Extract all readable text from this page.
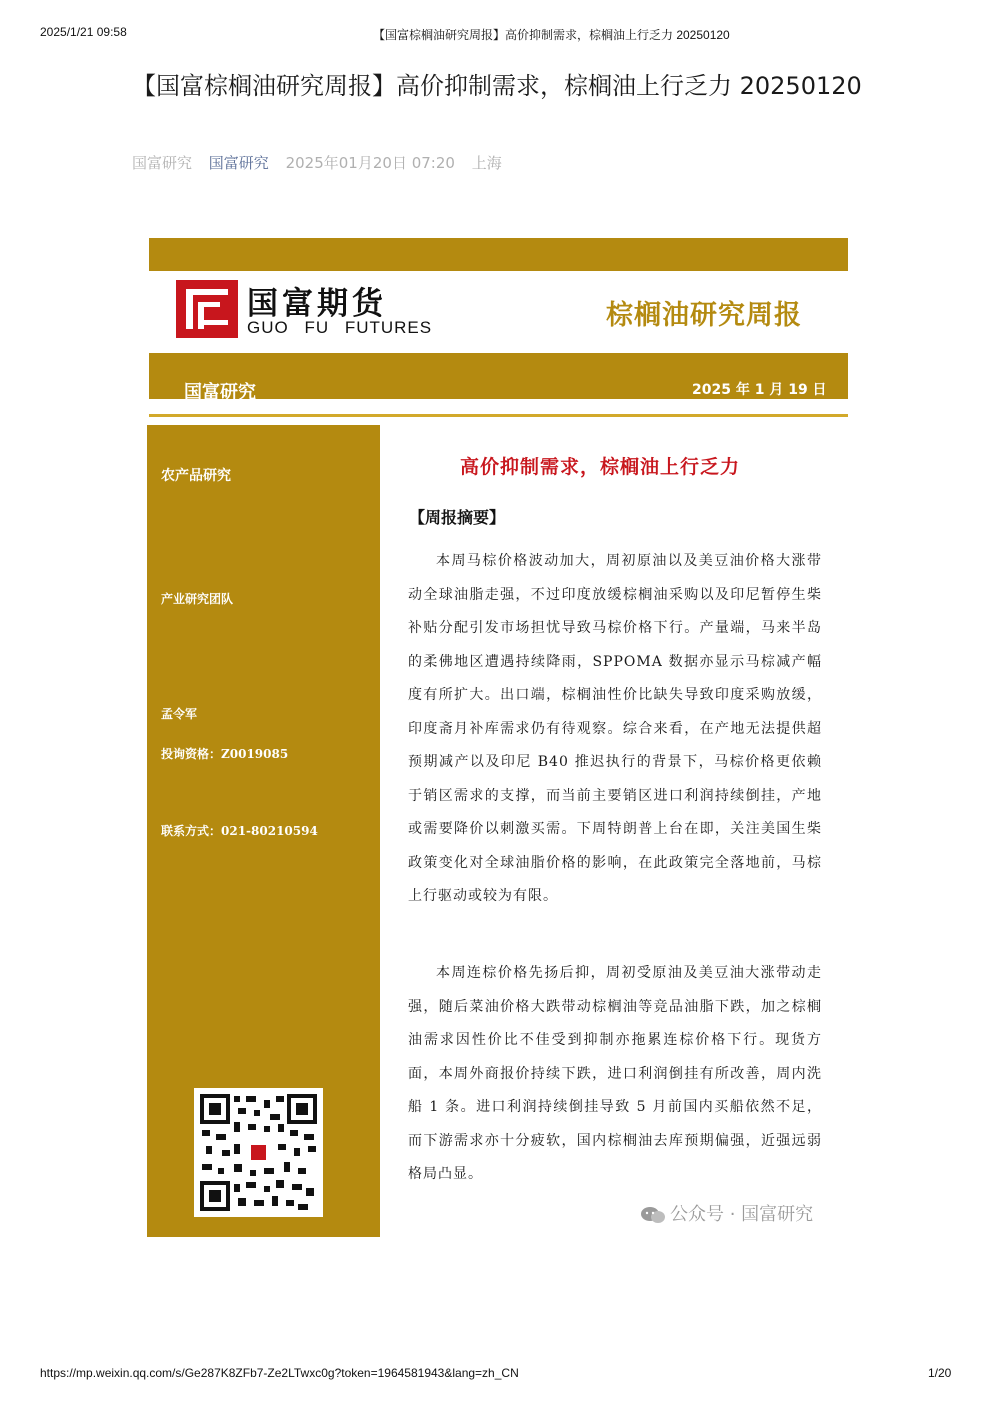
2025/1/21 09:58	【国富棕榈油研究周报】高价抑制需求，棕榈油上行乏力 20250120
【国富棕榈油研究周报】高价抑制需求，棕榈油上行乏力 20250120
国富研究 国富研究 2025年01月20日 07:20 上海
国富期货
GUO FU FUTURES	棕榈油研究周报
国富研究	2025 年 1 月 19 日
农产品研究
产业研究团队
孟令军
投询资格：Z0019085
联系方式：021-80210594
高价抑制需求，棕榈油上行乏力
【周报摘要】
本周马棕价格波动加大，周初原油以及美豆油价格大涨带动全球油脂走强，不过印度放缓棕榈油采购以及印尼暂停生柴补贴分配引发市场担忧导致马棕价格下行。产量端，马来半岛的柔佛地区遭遇持续降雨，SPPOMA 数据亦显示马棕减产幅度有所扩大。出口端，棕榈油性价比缺失导致印度采购放缓，印度斋月补库需求仍有待观察。综合来看，在产地无法提供超预期减产以及印尼 B40 推迟执行的背景下，马棕价格更依赖于销区需求的支撑，而当前主要销区进口利润持续倒挂，产地或需要降价以刺激买需。下周特朗普上台在即，关注美国生柴政策变化对全球油脂价格的影响，在此政策完全落地前，马棕上行驱动或较为有限。
本周连棕价格先扬后抑，周初受原油及美豆油大涨带动走强，随后菜油价格大跌带动棕榈油等竞品油脂下跌，加之棕榈油需求因性价比不佳受到抑制亦拖累连棕价格下行。现货方面，本周外商报价持续下跌，进口利润倒挂有所改善，周内洗船 1 条。进口利润持续倒挂导致 5 月前国内买船依然不足，而下游需求亦十分疲软，国内棕榈油去库预期偏强，近强远弱格局凸显。
公众号 · 国富研究
https://mp.weixin.qq.com/s/Ge287K8ZFb7-Ze2LTwxc0g?token=1964581943&lang=zh_CN	1/20
